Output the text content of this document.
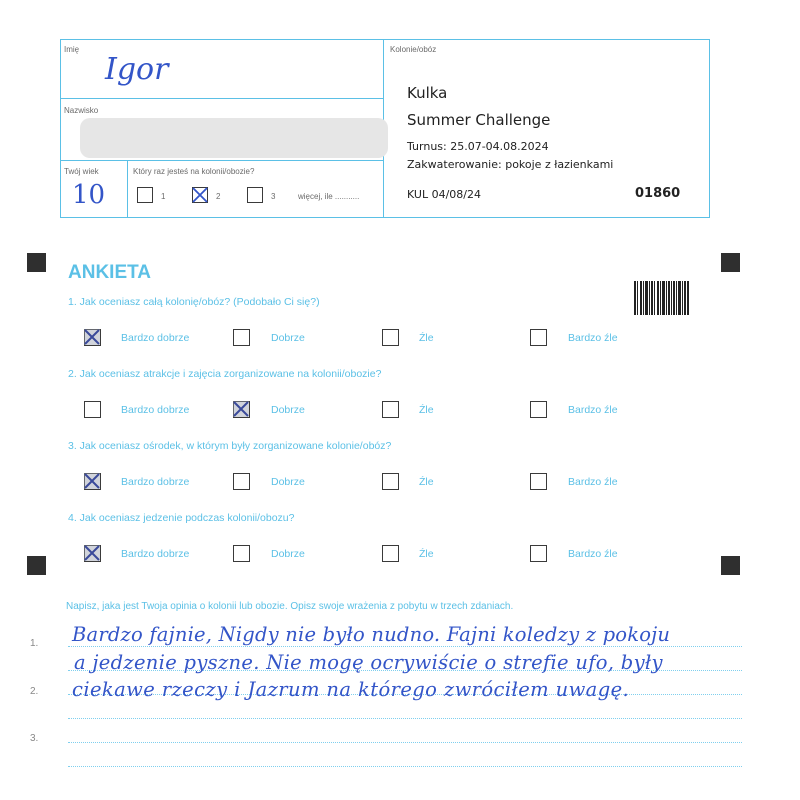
Imię
Igor
Nazwisko
Twój wiek
10
Który raz jesteś na kolonii/obozie?
1	2	3	więcej, ile ...........
Kolonie/obóz
Kulka
Summer Challenge
Turnus: 25.07-04.08.2024
Zakwaterowanie: pokoje z łazienkami
KUL 04/08/24	01860
ANKIETA
1. Jak oceniasz całą kolonię/obóz? (Podobało Ci się?)
Bardzo dobrze	Dobrze	Źle	Bardzo źle
2. Jak oceniasz atrakcje i zajęcia zorganizowane na kolonii/obozie?
Bardzo dobrze	Dobrze	Źle	Bardzo źle
3. Jak oceniasz ośrodek, w którym były zorganizowane kolonie/obóz?
Bardzo dobrze	Dobrze	Źle	Bardzo źle
4. Jak oceniasz jedzenie podczas kolonii/obozu?
Bardzo dobrze	Dobrze	Źle	Bardzo źle
Napisz, jaka jest Twoja opinia o kolonii lub obozie. Opisz swoje wrażenia z pobytu w trzech zdaniach.
1.
2.
3.
Bardzo fajnie, Nigdy nie było nudno. Fajni koledzy z pokoju
a jedzenie pyszne. Nie mogę ocrywiście o strefie ufo, były
ciekawe rzeczy i Jazrum na którego zwróciłem uwagę.
